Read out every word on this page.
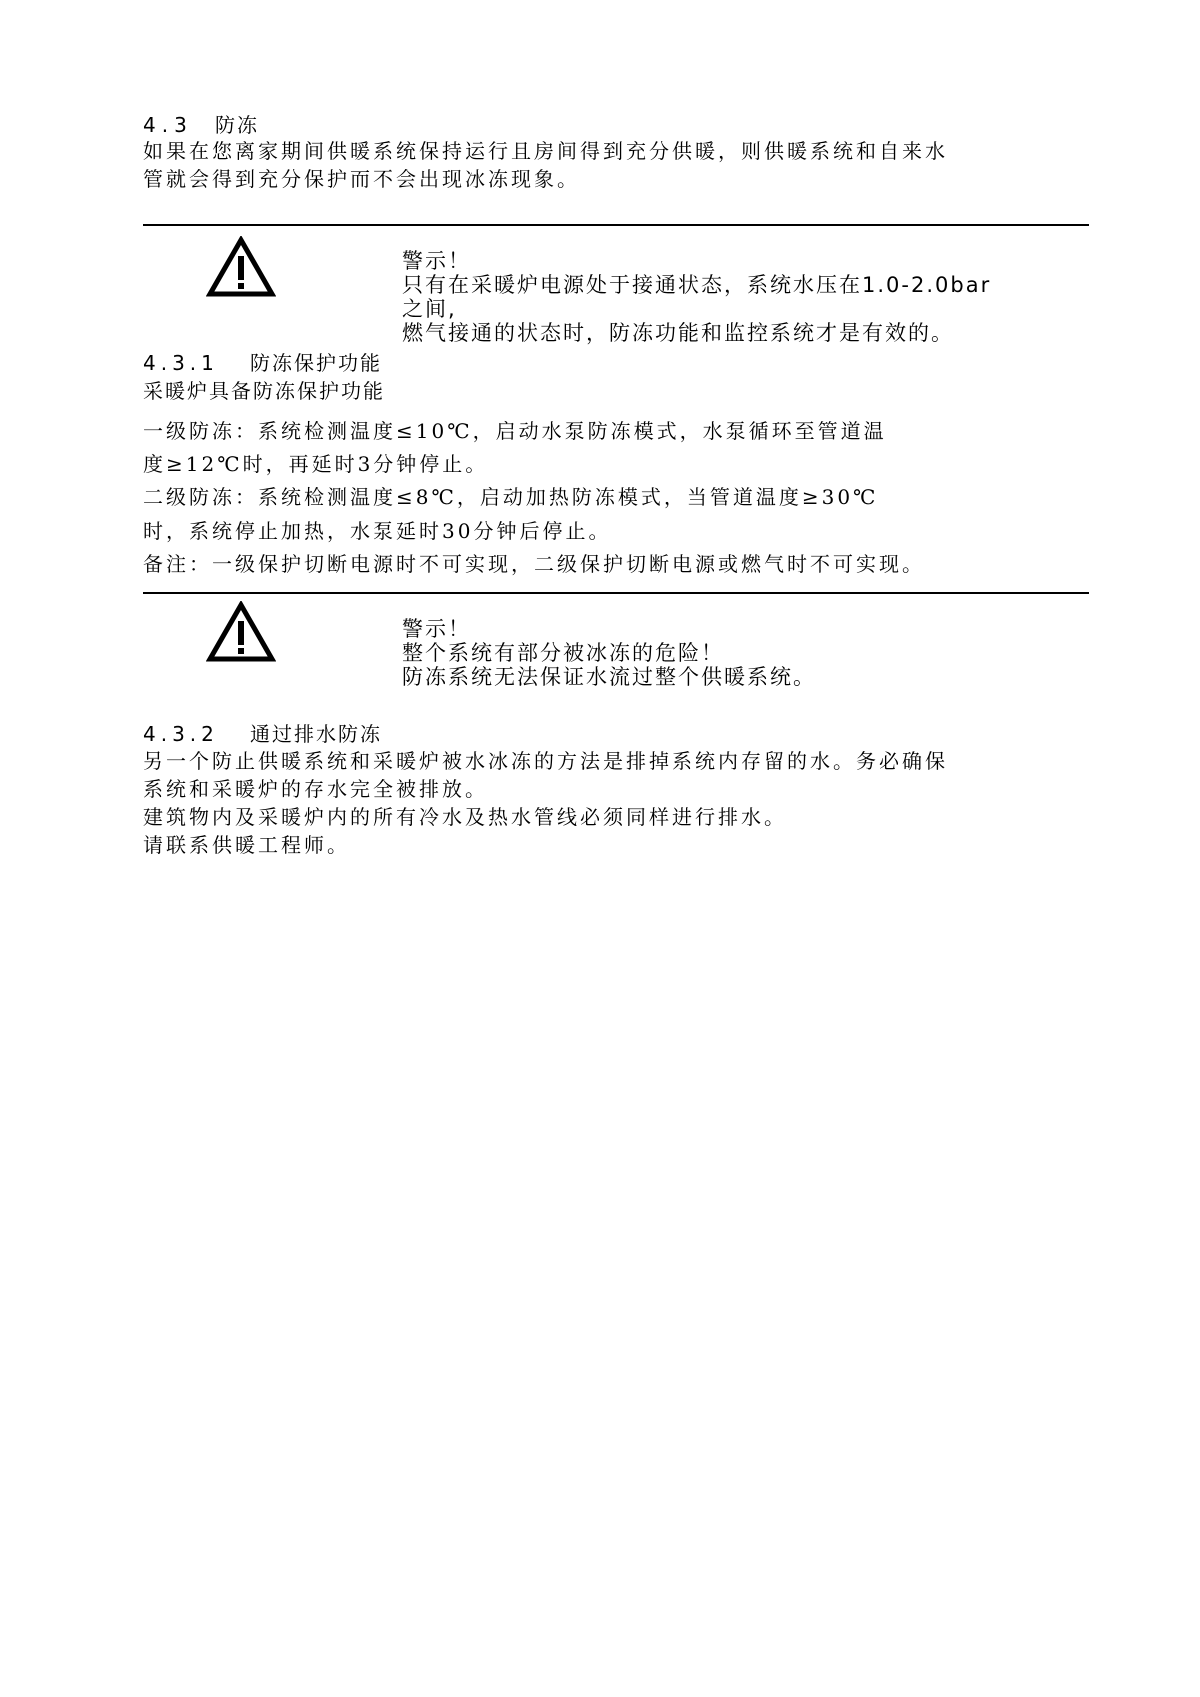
4.3 防冻
如果在您离家期间供暖系统保持运行且房间得到充分供暖，则供暖系统和自来水
管就会得到充分保护而不会出现冰冻现象。
警示！
只有在采暖炉电源处于接通状态，系统水压在1.0-2.0bar
之间,
燃气接通的状态时，防冻功能和监控系统才是有效的。
4.3.1 防冻保护功能
采暖炉具备防冻保护功能
一级防冻：系统检测温度≤10℃，启动水泵防冻模式，水泵循环至管道温
度≥12℃时，再延时3分钟停止。
二级防冻：系统检测温度≤8℃，启动加热防冻模式，当管道温度≥30℃
时，系统停止加热，水泵延时30分钟后停止。
备注：一级保护切断电源时不可实现，二级保护切断电源或燃气时不可实现。
警示！
整个系统有部分被冰冻的危险！
防冻系统无法保证水流过整个供暖系统。
4.3.2 通过排水防冻
另一个防止供暖系统和采暖炉被水冰冻的方法是排掉系统内存留的水。务必确保
系统和采暖炉的存水完全被排放。
建筑物内及采暖炉内的所有冷水及热水管线必须同样进行排水。
请联系供暖工程师。
